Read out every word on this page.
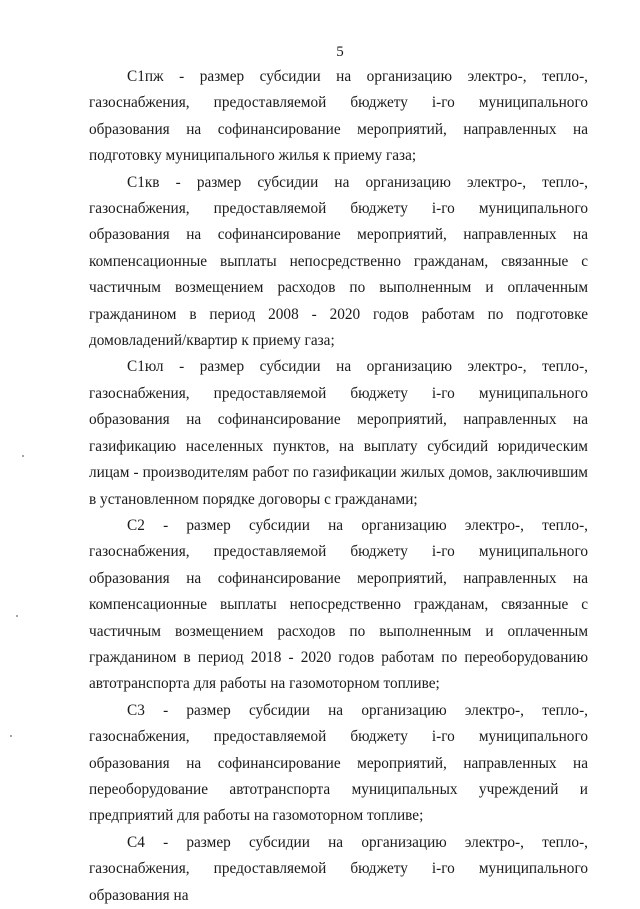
5

С1пж - размер субсидии на организацию электро-, тепло-, газоснабжения, предоставляемой бюджету i-го муниципального образования на софинансирование мероприятий, направленных на подготовку муниципального жилья к приему газа;

С1кв - размер субсидии на организацию электро-, тепло-, газоснабжения, предоставляемой бюджету i-го муниципального образования на софинансирование мероприятий, направленных на компенсационные выплаты непосредственно гражданам, связанные с частичным возмещением расходов по выполненным и оплаченным гражданином в период 2008 - 2020 годов работам по подготовке домовладений/квартир к приему газа;

С1юл - размер субсидии на организацию электро-, тепло-, газоснабжения, предоставляемой бюджету i-го муниципального образования на софинансирование мероприятий, направленных на газификацию населенных пунктов, на выплату субсидий юридическим лицам - производителям работ по газификации жилых домов, заключившим в установленном порядке договоры с гражданами;

С2 - размер субсидии на организацию электро-, тепло-, газоснабжения, предоставляемой бюджету i-го муниципального образования на софинансирование мероприятий, направленных на компенсационные выплаты непосредственно гражданам, связанные с частичным возмещением расходов по выполненным и оплаченным гражданином в период 2018 - 2020 годов работам по переоборудованию автотранспорта для работы на газомоторном топливе;

С3 - размер субсидии на организацию электро-, тепло-, газоснабжения, предоставляемой бюджету i-го муниципального образования на софинансирование мероприятий, направленных на переоборудование автотранспорта муниципальных учреждений и предприятий для работы на газомоторном топливе;

С4 - размер субсидии на организацию электро-, тепло-, газоснабжения, предоставляемой бюджету i-го муниципального образования на
